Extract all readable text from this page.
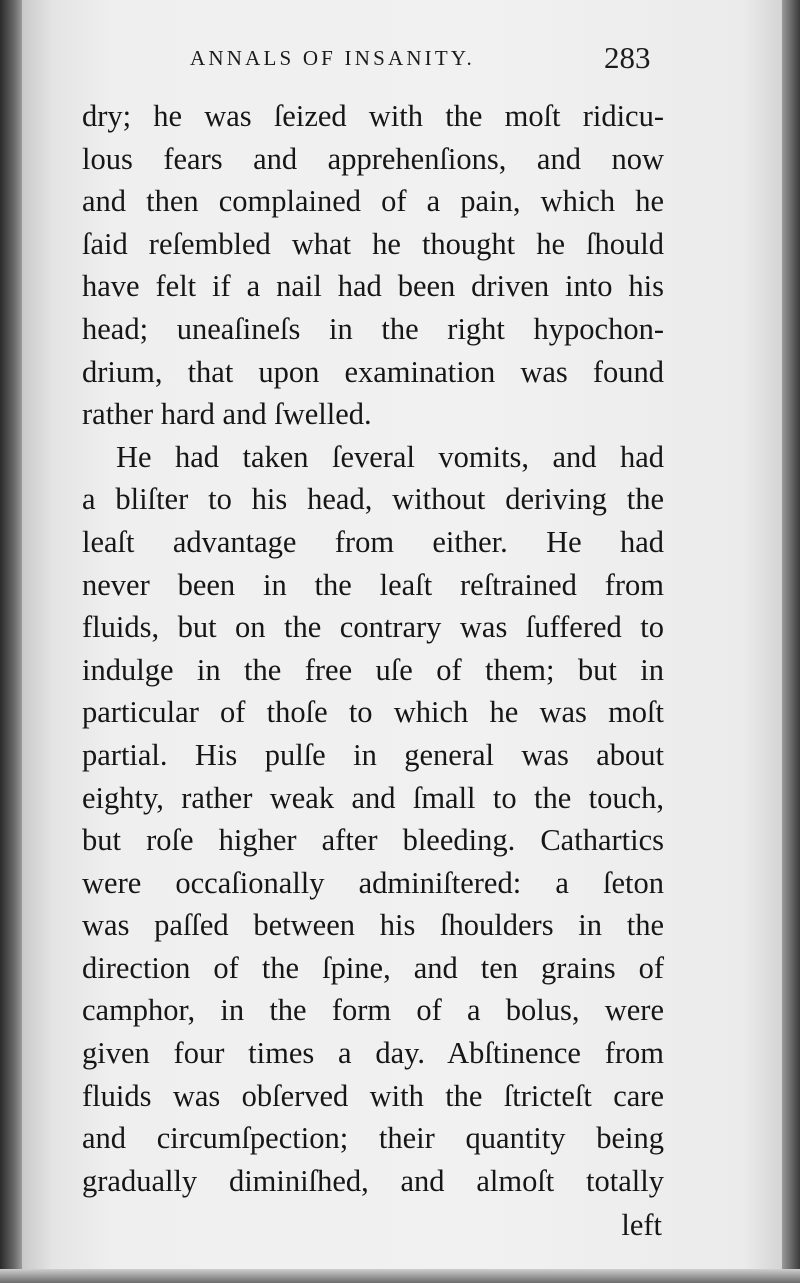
ANNALS OF INSANITY.	283
dry; he was ſeized with the moſt ridicu-
lous fears and apprehenſions, and now
and then complained of a pain, which he
ſaid reſembled what he thought he ſhould
have felt if a nail had been driven into his
head; uneaſineſs in the right hypochon-
drium, that upon examination was found
rather hard and ſwelled.
He had taken ſeveral vomits, and had
a bliſter to his head, without deriving the
leaſt advantage from either. He had
never been in the leaſt reſtrained from
fluids, but on the contrary was ſuffered to
indulge in the free uſe of them; but in
particular of thoſe to which he was moſt
partial. His pulſe in general was about
eighty, rather weak and ſmall to the touch,
but roſe higher after bleeding. Cathartics
were occaſionally adminiſtered: a ſeton
was paſſed between his ſhoulders in the
direction of the ſpine, and ten grains of
camphor, in the form of a bolus, were
given four times a day. Abſtinence from
fluids was obſerved with the ſtricteſt care
and circumſpection; their quantity being
gradually diminiſhed, and almoſt totally
left
